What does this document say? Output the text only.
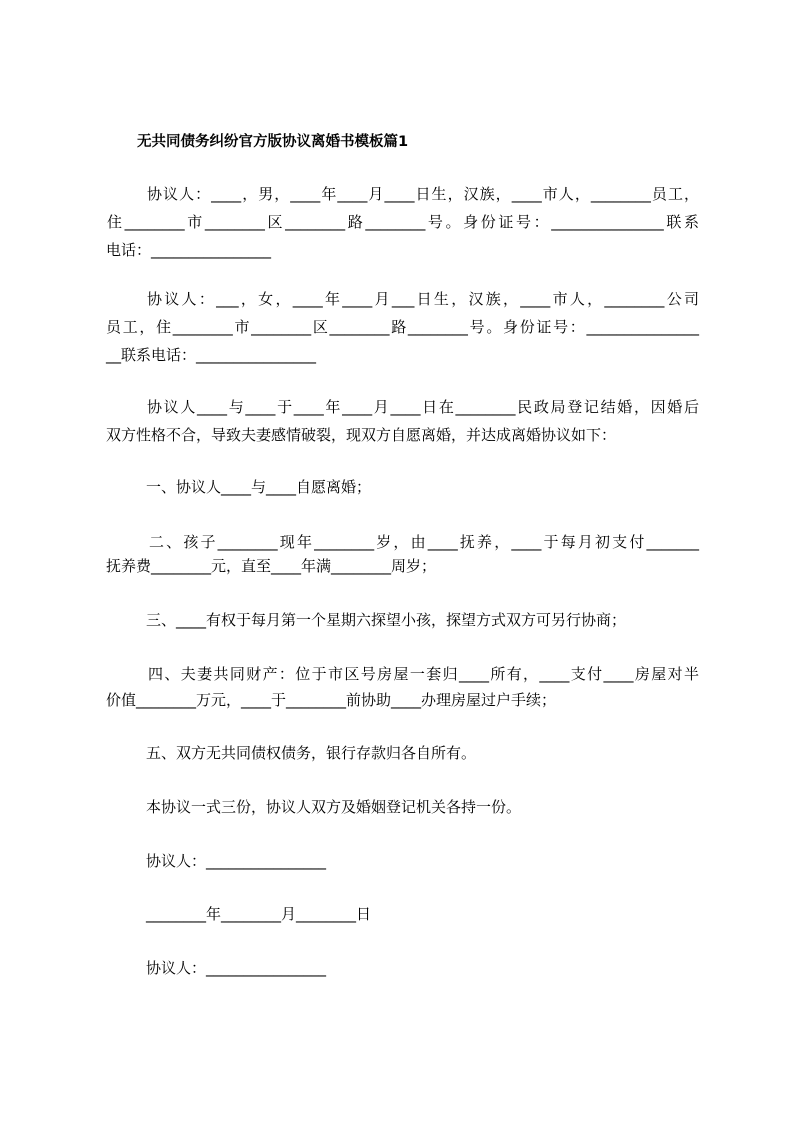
无共同债务纠纷官方版协议离婚书模板篇1
协议人：____，男，____年____月____日生，汉族，____市人，________员工，
住________市________区________路________号。身份证号：_______________联系
电话：________________
协议人：___，女，____年____月___日生，汉族，____市人，________公司
员工，住________市________区________路________号。身份证号：_______________
__联系电话：________________
协议人____与____于____年____月____日在________民政局登记结婚，因婚后
双方性格不合，导致夫妻感情破裂，现双方自愿离婚，并达成离婚协议如下：
一、协议人____与____自愿离婚；
二、孩子________现年________岁，由____抚养，____于每月初支付_______
抚养费________元，直至____年满________周岁；
三、____有权于每月第一个星期六探望小孩，探望方式双方可另行协商；
四、夫妻共同财产：位于市区号房屋一套归____所有，____支付____房屋对半
价值________万元，____于________前协助____办理房屋过户手续；
五、双方无共同债权债务，银行存款归各自所有。
本协议一式三份，协议人双方及婚姻登记机关各持一份。
协议人：________________
________年________月________日
协议人：________________
